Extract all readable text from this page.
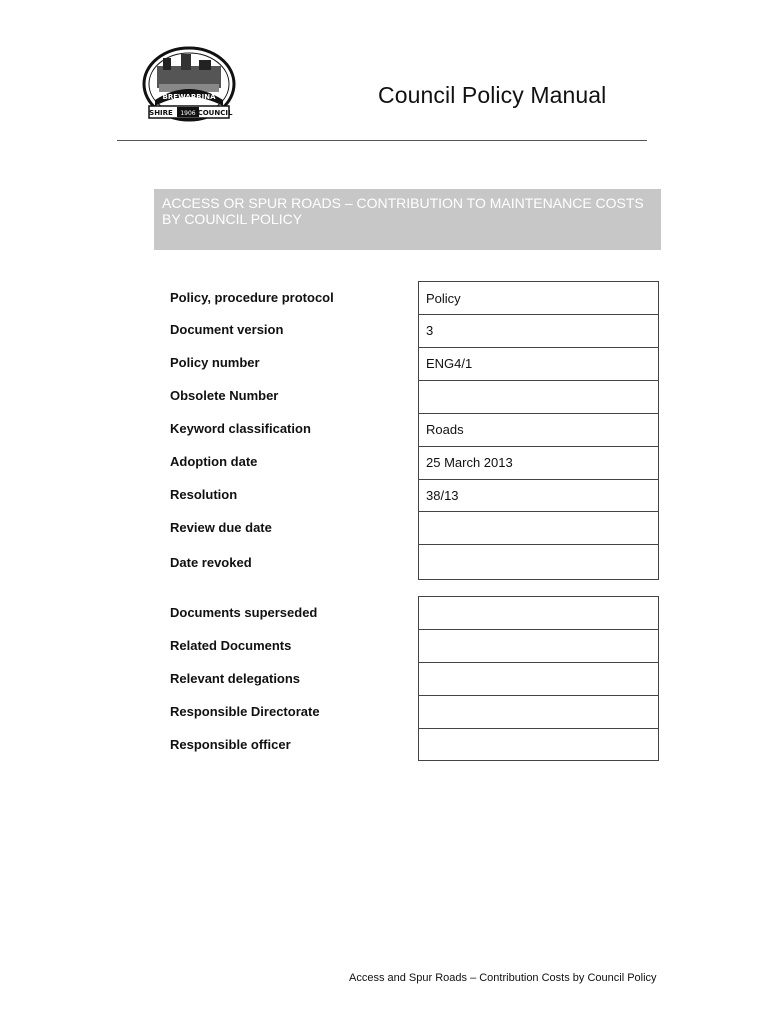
BREWARRINA
SHIRE 1906 COUNCIL
Council Policy Manual
ACCESS OR SPUR ROADS – CONTRIBUTION TO MAINTENANCE COSTS BY COUNCIL POLICY
Policy, procedure protocol
Document version
Policy number
Obsolete Number
Keyword classification
Adoption date
Resolution
Review due date
Date revoked
Policy
3
ENG4/1
Roads
25 March 2013
38/13
Documents superseded
Related Documents
Relevant delegations
Responsible Directorate
Responsible officer
Access and Spur Roads – Contribution Costs by Council Policy
